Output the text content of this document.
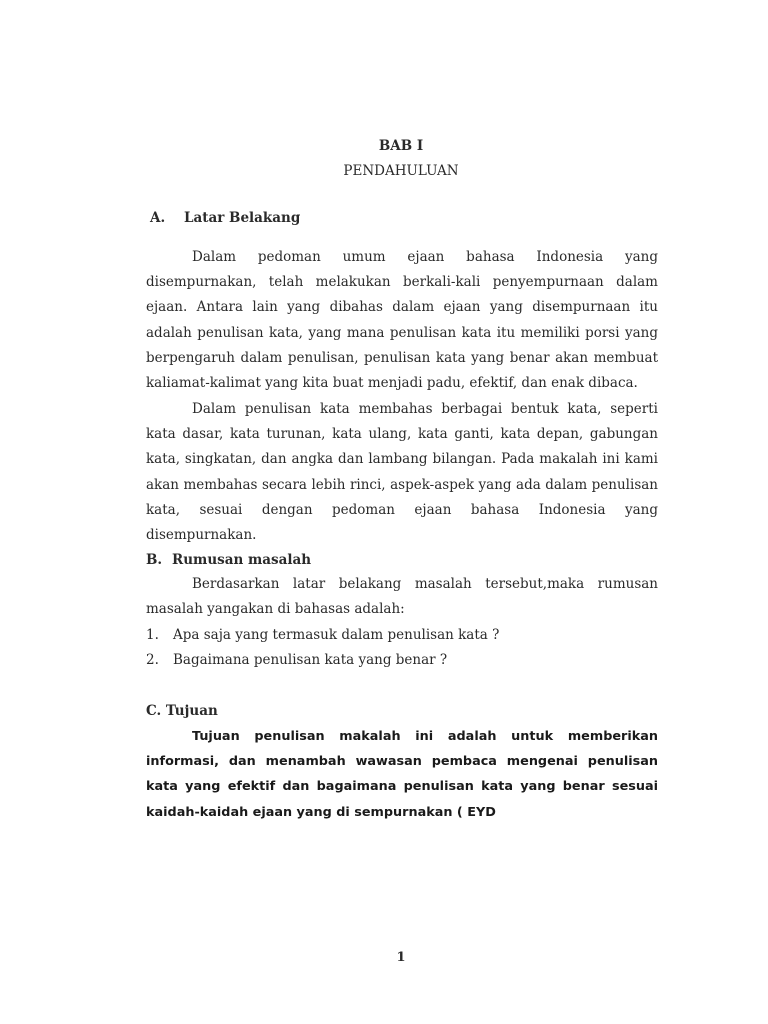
BAB I
PENDAHULUAN
A. Latar Belakang

Dalam pedoman umum ejaan bahasa Indonesia yang disempurnakan, telah melakukan berkali-kali penyempurnaan dalam ejaan. Antara lain yang dibahas dalam ejaan yang disempurnaan itu adalah penulisan kata, yang mana penulisan kata itu memiliki porsi yang berpengaruh dalam penulisan, penulisan kata yang benar akan membuat kaliamat-kalimat yang kita buat menjadi padu, efektif, dan enak dibaca.

Dalam penulisan kata membahas berbagai bentuk kata, seperti kata dasar, kata turunan, kata ulang, kata ganti, kata depan, gabungan kata, singkatan, dan angka dan lambang bilangan. Pada makalah ini kami akan membahas secara lebih rinci, aspek-aspek yang ada dalam penulisan kata, sesuai dengan pedoman ejaan bahasa Indonesia yang disempurnakan.

B. Rumusan masalah

Berdasarkan latar belakang masalah tersebut,maka rumusan masalah yangakan di bahasas adalah:

1. Apa saja yang termasuk dalam penulisan kata ?
2. Bagaimana penulisan kata yang benar ?
C. Tujuan

Tujuan penulisan makalah ini adalah untuk memberikan informasi, dan menambah wawasan pembaca mengenai penulisan kata yang efektif dan bagaimana penulisan kata yang benar sesuai kaidah-kaidah ejaan yang di sempurnakan ( EYD

1
